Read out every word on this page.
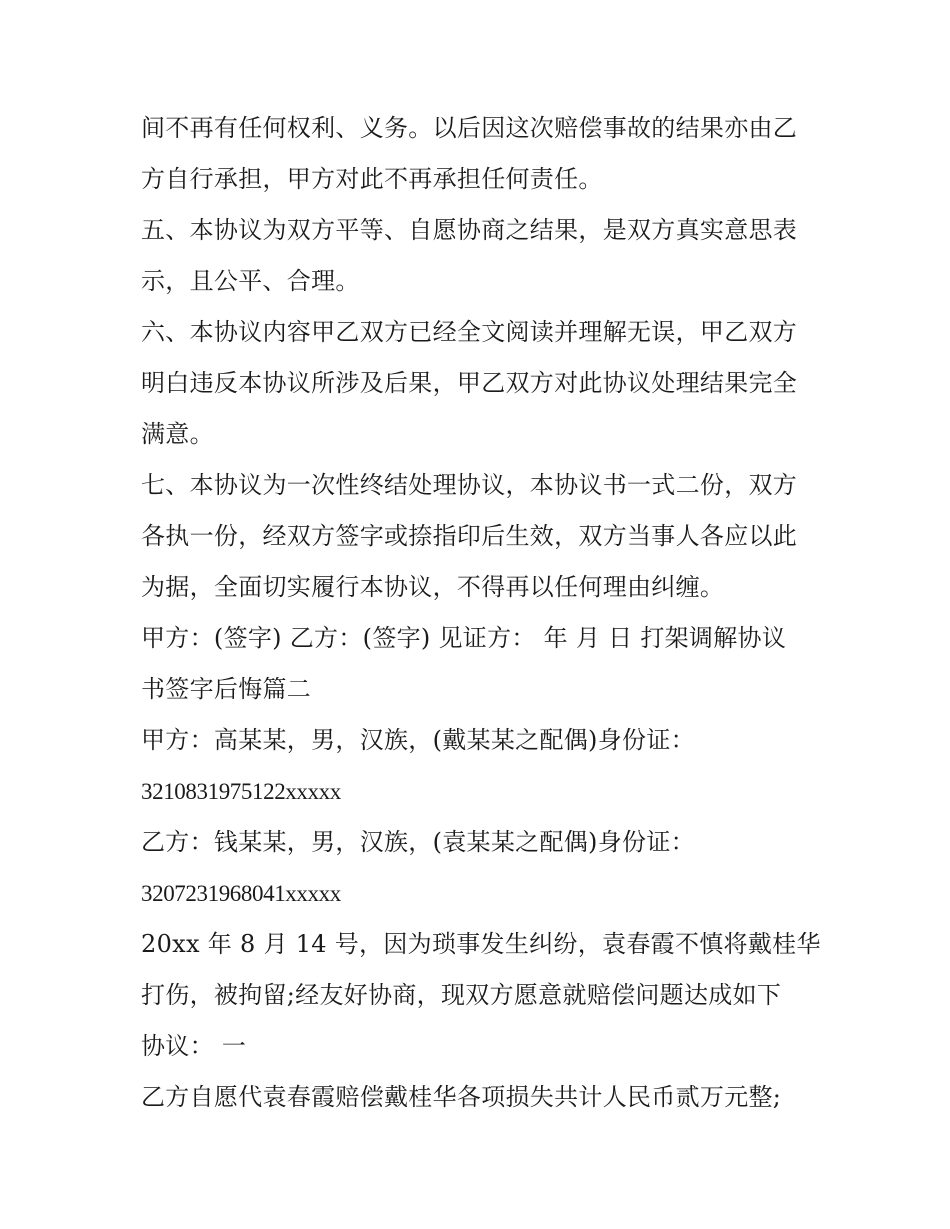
间不再有任何权利、义务。以后因这次赔偿事故的结果亦由乙
方自行承担，甲方对此不再承担任何责任。
五、本协议为双方平等、自愿协商之结果，是双方真实意思表
示，且公平、合理。
六、本协议内容甲乙双方已经全文阅读并理解无误，甲乙双方
明白违反本协议所涉及后果，甲乙双方对此协议处理结果完全
满意。
七、本协议为一次性终结处理协议，本协议书一式二份，双方
各执一份，经双方签字或捺指印后生效，双方当事人各应以此
为据，全面切实履行本协议，不得再以任何理由纠缠。
甲方：(签字) 乙方：(签字) 见证方： 年 月 日 打架调解协议
书签字后悔篇二
甲方：高某某，男，汉族，(戴某某之配偶)身份证：
3210831975122xxxxx
乙方：钱某某，男，汉族，(袁某某之配偶)身份证：
3207231968041xxxxx
20xx 年 8 月 14 号，因为琐事发生纠纷，袁春霞不慎将戴桂华
打伤，被拘留;经友好协商，现双方愿意就赔偿问题达成如下
协议： 一
乙方自愿代袁春霞赔偿戴桂华各项损失共计人民币贰万元整;
